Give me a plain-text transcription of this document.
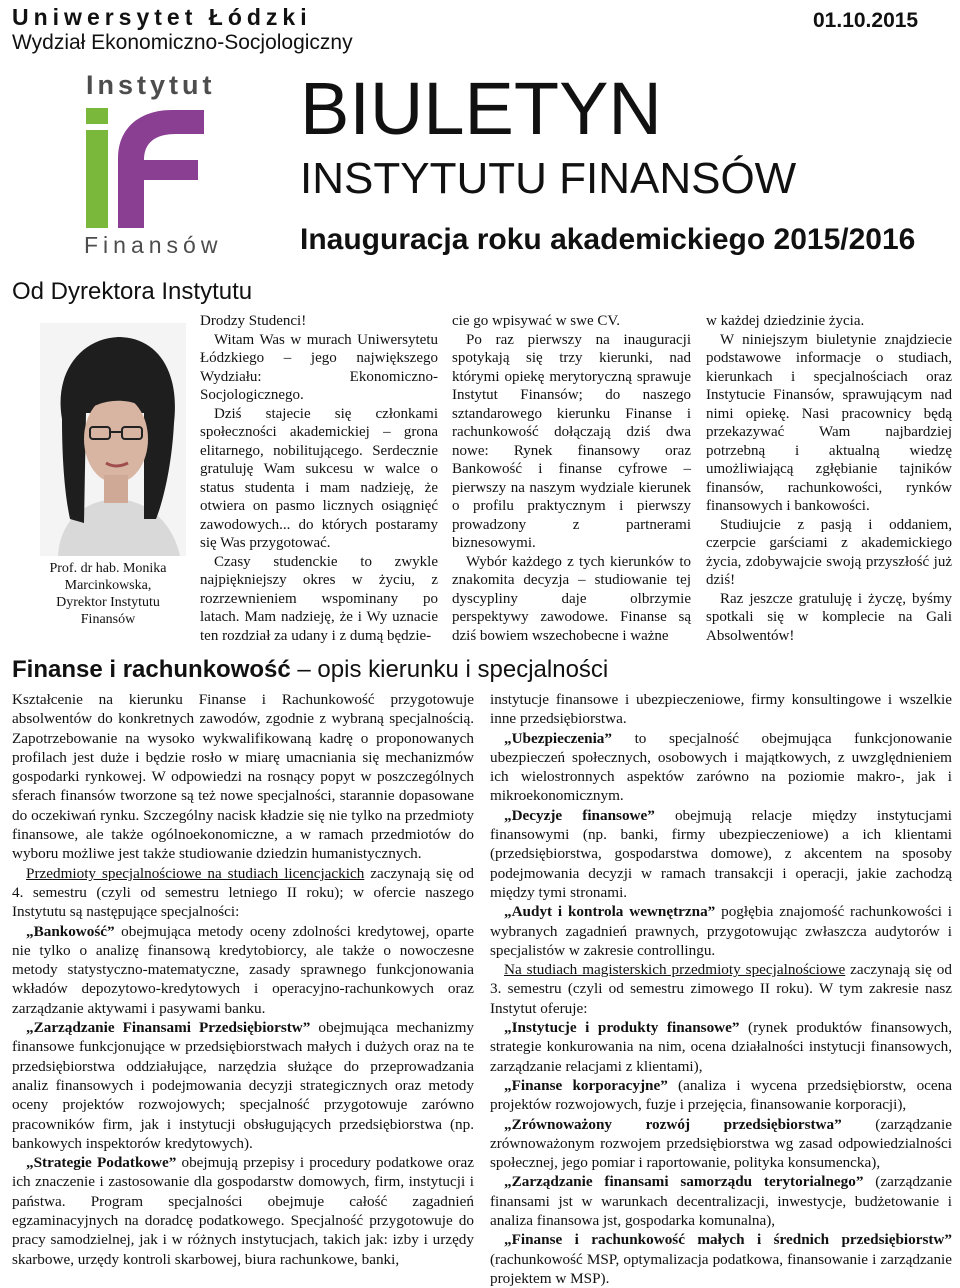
Uniwersytet Łódzki
Wydział Ekonomiczno-Socjologiczny
01.10.2015
Instytut
Finansów
BIULETYN
INSTYTUTU FINANSÓW
Inauguracja roku akademickiego 2015/2016
Od Dyrektora Instytutu
Prof. dr hab. Monika Marcinkowska,
Dyrektor Instytutu Finansów

Drodzy Studenci!

Witam Was w murach Uniwersytetu Łódzkiego – jego największego Wydziału: Ekonomiczno-Socjologicznego.

Dziś stajecie się członkami społeczności akademickiej – grona elitarnego, nobilitującego. Serdecznie gratuluję Wam sukcesu w walce o status studenta i mam nadzieję, że otwiera on pasmo licznych osiągnięć zawodowych... do których postaramy się Was przygotować.

Czasy studenckie to zwykle najpiękniejszy okres w życiu, z rozrzewnieniem wspominany po latach. Mam nadzieję, że i Wy uznacie ten rozdział za udany i z dumą będzie-

cie go wpisywać w swe CV.

Po raz pierwszy na inauguracji spotykają się trzy kierunki, nad którymi opiekę merytoryczną sprawuje Instytut Finansów; do naszego sztandarowego kierunku Finanse i rachunkowość dołączają dziś dwa nowe: Rynek finansowy oraz Bankowość i finanse cyfrowe – pierwszy na naszym wydziale kierunek o profilu praktycznym i pierwszy prowadzony z partnerami biznesowymi.

Wybór każdego z tych kierunków to znakomita decyzja – studiowanie tej dyscypliny daje olbrzymie perspektywy zawodowe. Finanse są dziś bowiem wszechobecne i ważne

w każdej dziedzinie życia.

W niniejszym biuletynie znajdziecie podstawowe informacje o studiach, kierunkach i specjalnościach oraz Instytucie Finansów, sprawującym nad nimi opiekę. Nasi pracownicy będą przekazywać Wam najbardziej potrzebną i aktualną wiedzę umożliwiającą zgłębianie tajników finansów, rachunkowości, rynków finansowych i bankowości.

Studiujcie z pasją i oddaniem, czerpcie garściami z akademickiego życia, zdobywajcie swoją przyszłość już dziś!

Raz jeszcze gratuluję i życzę, byśmy spotkali się w komplecie na Gali Absolwentów!

Finanse i rachunkowość – opis kierunku i specjalności

Kształcenie na kierunku Finanse i Rachunkowość przygotowuje absolwentów do konkretnych zawodów, zgodnie z wybraną specjalnością. Zapotrzebowanie na wysoko wykwalifikowaną kadrę o proponowanych profilach jest duże i będzie rosło w miarę umacniania się mechanizmów gospodarki rynkowej. W odpowiedzi na rosnący popyt w poszczególnych sferach finansów tworzone są też nowe specjalności, starannie dopasowane do oczekiwań rynku. Szczególny nacisk kładzie się nie tylko na przedmioty finansowe, ale także ogólnoekonomiczne, a w ramach przedmiotów do wyboru możliwe jest także studiowanie dziedzin humanistycznych.

Przedmioty specjalnościowe na studiach licencjackich zaczynają się od 4. semestru (czyli od semestru letniego II roku); w ofercie naszego Instytutu są następujące specjalności:

„Bankowość” obejmująca metody oceny zdolności kredytowej, oparte nie tylko o analizę finansową kredytobiorcy, ale także o nowoczesne metody statystyczno-matematyczne, zasady sprawnego funkcjonowania wkładów depozytowo-kredytowych i operacyjno-rachunkowych oraz zarządzanie aktywami i pasywami banku.

„Zarządzanie Finansami Przedsiębiorstw” obejmująca mechanizmy finansowe funkcjonujące w przedsiębiorstwach małych i dużych oraz na te przedsiębiorstwa oddziałujące, narzędzia służące do przeprowadzania analiz finansowych i podejmowania decyzji strategicznych oraz metody oceny projektów rozwojowych; specjalność przygotowuje zarówno pracowników firm, jak i instytucji obsługujących przedsiębiorstwa (np. bankowych inspektorów kredytowych).

„Strategie Podatkowe” obejmują przepisy i procedury podatkowe oraz ich znaczenie i zastosowanie dla gospodarstw domowych, firm, instytucji i państwa. Program specjalności obejmuje całość zagadnień egzaminacyjnych na doradcę podatkowego. Specjalność przygotowuje do pracy samodzielnej, jak i w różnych instytucjach, takich jak: izby i urzędy skarbowe, urzędy kontroli skarbowej, biura rachunkowe, banki,

instytucje finansowe i ubezpieczeniowe, firmy konsultingowe i wszelkie inne przedsiębiorstwa.

„Ubezpieczenia” to specjalność obejmująca funkcjonowanie ubezpieczeń społecznych, osobowych i majątkowych, z uwzględnieniem ich wielostronnych aspektów zarówno na poziomie makro-, jak i mikroekonomicznym.

„Decyzje finansowe” obejmują relacje między instytucjami finansowymi (np. banki, firmy ubezpieczeniowe) a ich klientami (przedsiębiorstwa, gospodarstwa domowe), z akcentem na sposoby podejmowania decyzji w ramach transakcji i operacji, jakie zachodzą między tymi stronami.

„Audyt i kontrola wewnętrzna” pogłębia znajomość rachunkowości i wybranych zagadnień prawnych, przygotowując zwłaszcza audytorów i specjalistów w zakresie controllingu.

Na studiach magisterskich przedmioty specjalnościowe zaczynają się od 3. semestru (czyli od semestru zimowego II roku). W tym zakresie nasz Instytut oferuje:

„Instytucje i produkty finansowe” (rynek produktów finansowych, strategie konkurowania na nim, ocena działalności instytucji finansowych, zarządzanie relacjami z klientami),

„Finanse korporacyjne” (analiza i wycena przedsiębiorstw, ocena projektów rozwojowych, fuzje i przejęcia, finansowanie korporacji),

„Zrównoważony rozwój przedsiębiorstwa” (zarządzanie zrównoważonym rozwojem przedsiębiorstwa wg zasad odpowiedzialności społecznej, jego pomiar i raportowanie, polityka konsumencka),

„Zarządzanie finansami samorządu terytorialnego” (zarządzanie finansami jst w warunkach decentralizacji, inwestycje, budżetowanie i analiza finansowa jst, gospodarka komunalna),

„Finanse i rachunkowość małych i średnich przedsiębiorstw” (rachunkowość MSP, optymalizacja podatkowa, finansowanie i zarządzanie projektem w MSP).
